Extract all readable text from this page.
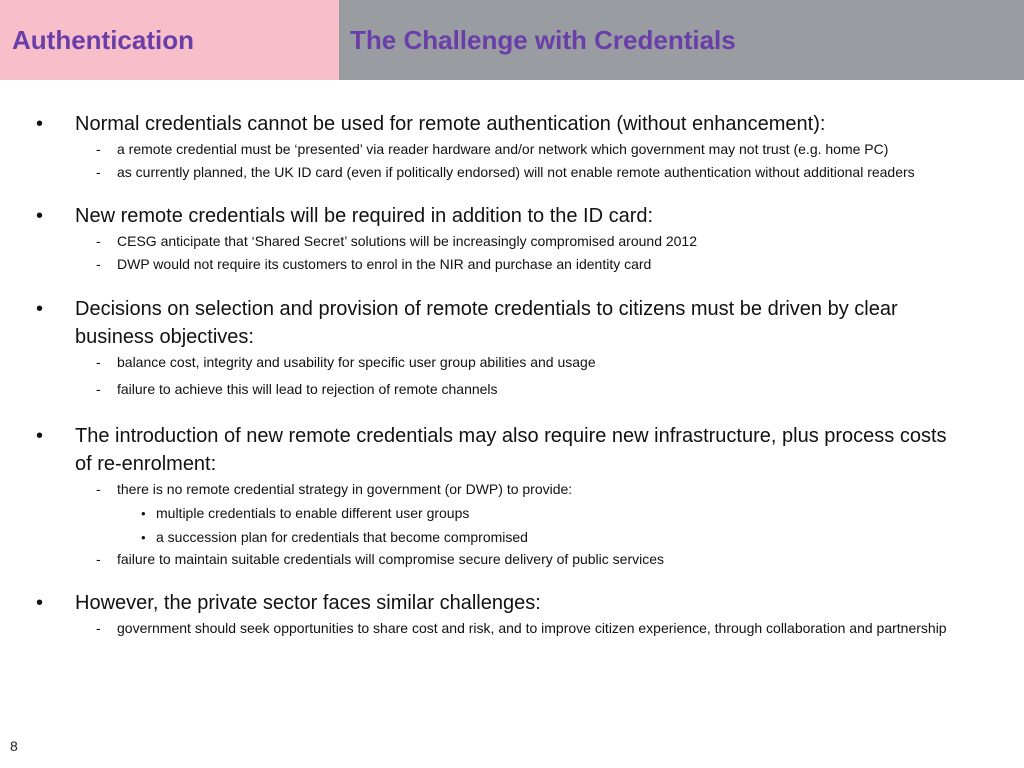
Authentication	The Challenge with Credentials
• Normal credentials cannot be used for remote authentication (without enhancement):
- a remote credential must be ‘presented’ via reader hardware and/or network which government may not trust (e.g. home PC)
- as currently planned, the UK ID card (even if politically endorsed) will not enable remote authentication without additional readers
• New remote credentials will be required in addition to the ID card:
- CESG anticipate that ‘Shared Secret’ solutions will be increasingly compromised around 2012
- DWP would not require its customers to enrol in the NIR and purchase an identity card
• Decisions on selection and provision of remote credentials to citizens must be driven by clear business objectives:
- balance cost, integrity and usability for specific user group abilities and usage
- failure to achieve this will lead to rejection of remote channels
• The introduction of new remote credentials may also require new infrastructure, plus process costs of re-enrolment:
- there is no remote credential strategy in government (or DWP) to provide:
• multiple credentials to enable different user groups
• a succession plan for credentials that become compromised
- failure to maintain suitable credentials will compromise secure delivery of public services
• However, the private sector faces similar challenges:
- government should seek opportunities to share cost and risk, and to improve citizen experience, through collaboration and partnership
8
